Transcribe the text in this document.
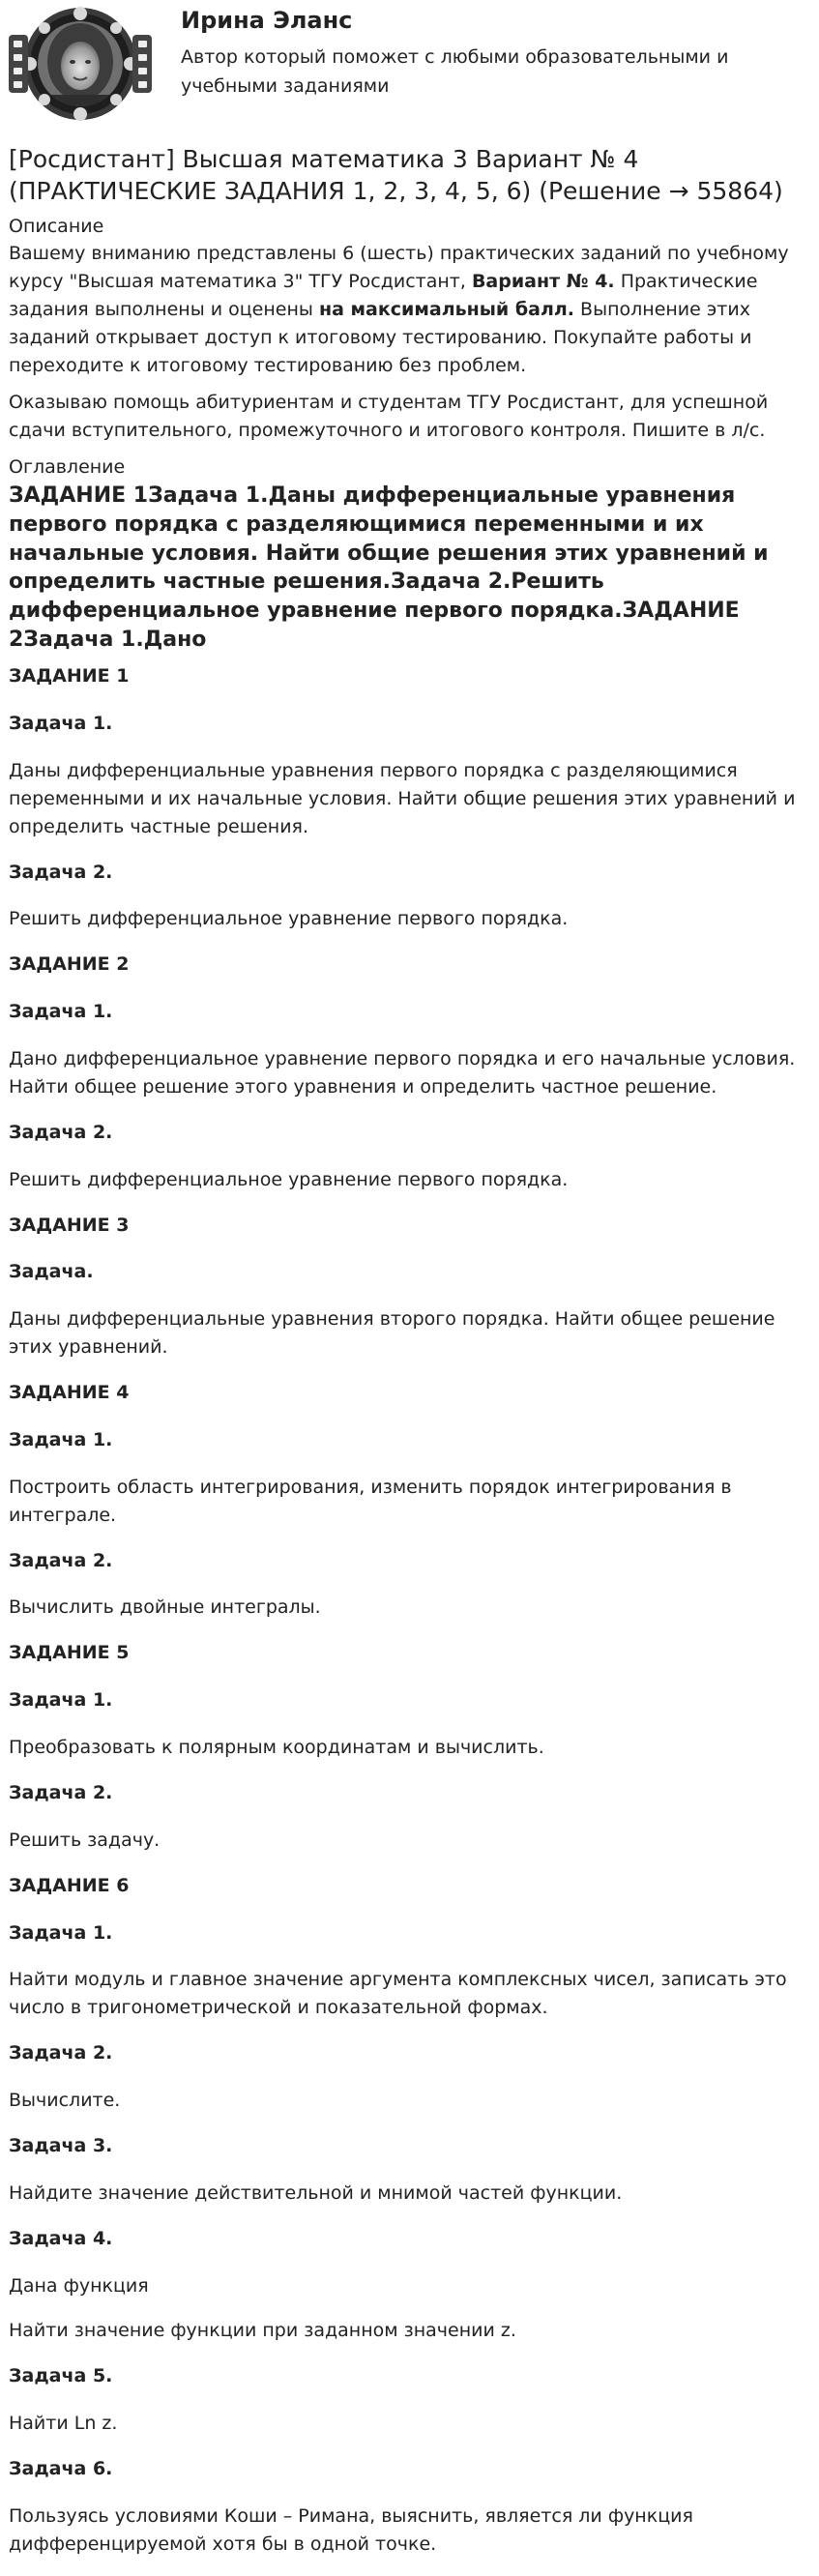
Ирина Эланс

Автор который поможет с любыми образовательными и учебными заданиями

[Росдистант] Высшая математика 3 Вариант № 4 (ПРАКТИЧЕСКИЕ ЗАДАНИЯ 1, 2, 3, 4, 5, 6) (Решение → 55864)
Описание

Вашему вниманию представлены 6 (шесть) практических заданий по учебному курсу "Высшая математика 3" ТГУ Росдистант, Вариант № 4. Практические задания выполнены и оценены на максимальный балл. Выполнение этих заданий открывает доступ к итоговому тестированию. Покупайте работы и переходите к итоговому тестированию без проблем.

Оказываю помощь абитуриентам и студентам ТГУ Росдистант, для успешной сдачи вступительного, промежуточного и итогового контроля. Пишите в л/с.

Оглавление
ЗАДАНИЕ 1Задача 1.Даны дифференциальные уравнения первого порядка с разделяющимися переменными и их начальные условия. Найти общие решения этих уравнений и определить частные решения.Задача 2.Решить дифференциальное уравнение первого порядка.ЗАДАНИЕ 2Задача 1.Дано

ЗАДАНИЕ 1

Задача 1.

Даны дифференциальные уравнения первого порядка с разделяющимися переменными и их начальные условия. Найти общие решения этих уравнений и определить частные решения.

Задача 2.

Решить дифференциальное уравнение первого порядка.

ЗАДАНИЕ 2

Задача 1.

Дано дифференциальное уравнение первого порядка и его начальные условия. Найти общее решение этого уравнения и определить частное решение.

Задача 2.

Решить дифференциальное уравнение первого порядка.

ЗАДАНИЕ 3

Задача.

Даны дифференциальные уравнения второго порядка. Найти общее решение этих уравнений.

ЗАДАНИЕ 4

Задача 1.

Построить область интегрирования, изменить порядок интегрирования в интеграле.

Задача 2.

Вычислить двойные интегралы.

ЗАДАНИЕ 5

Задача 1.

Преобразовать к полярным координатам и вычислить.

Задача 2.

Решить задачу.

ЗАДАНИЕ 6

Задача 1.

Найти модуль и главное значение аргумента комплексных чисел, записать это число в тригонометрической и показательной формах.

Задача 2.

Вычислите.

Задача 3.

Найдите значение действительной и мнимой частей функции.

Задача 4.

Дана функция

Найти значение функции при заданном значении z.

Задача 5.

Найти Ln z.

Задача 6.

Пользуясь условиями Коши – Римана, выяснить, является ли функция дифференцируемой хотя бы в одной точке.
